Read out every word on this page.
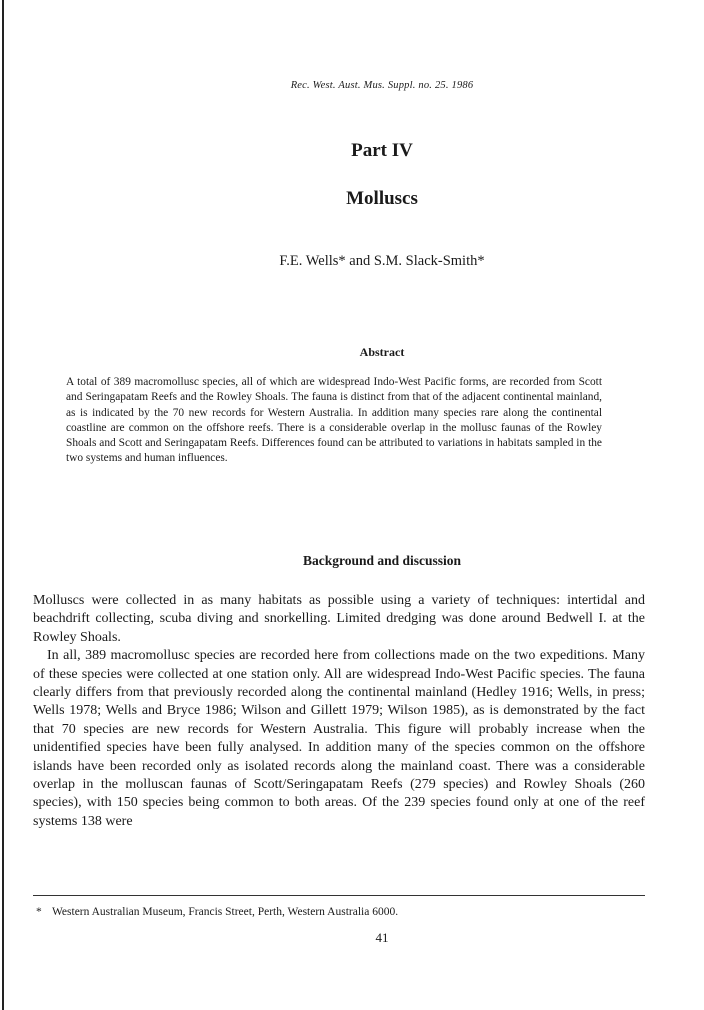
Rec. West. Aust. Mus. Suppl. no. 25. 1986
Part IV
Molluscs
F.E. Wells* and S.M. Slack-Smith*
Abstract
A total of 389 macromollusc species, all of which are widespread Indo-West Pacific forms, are recorded from Scott and Seringapatam Reefs and the Rowley Shoals. The fauna is distinct from that of the adjacent continental mainland, as is indicated by the 70 new records for Western Australia. In addition many species rare along the continental coastline are common on the offshore reefs. There is a considerable overlap in the mollusc faunas of the Rowley Shoals and Scott and Seringapatam Reefs. Differences found can be attributed to variations in habitats sampled in the two systems and human influences.
Background and discussion

Molluscs were collected in as many habitats as possible using a variety of techniques: intertidal and beachdrift collecting, scuba diving and snorkelling. Limited dredging was done around Bedwell I. at the Rowley Shoals.

In all, 389 macromollusc species are recorded here from collections made on the two expeditions. Many of these species were collected at one station only. All are widespread Indo-West Pacific species. The fauna clearly differs from that previously recorded along the continental mainland (Hedley 1916; Wells, in press; Wells 1978; Wells and Bryce 1986; Wilson and Gillett 1979; Wilson 1985), as is demonstrated by the fact that 70 species are new records for Western Australia. This figure will probably increase when the unidentified species have been fully analysed. In addition many of the species common on the offshore islands have been recorded only as isolated records along the mainland coast. There was a considerable overlap in the molluscan faunas of Scott/Seringapatam Reefs (279 species) and Rowley Shoals (260 species), with 150 species being common to both areas. Of the 239 species found only at one of the reef systems 138 were

* Western Australian Museum, Francis Street, Perth, Western Australia 6000.
41
